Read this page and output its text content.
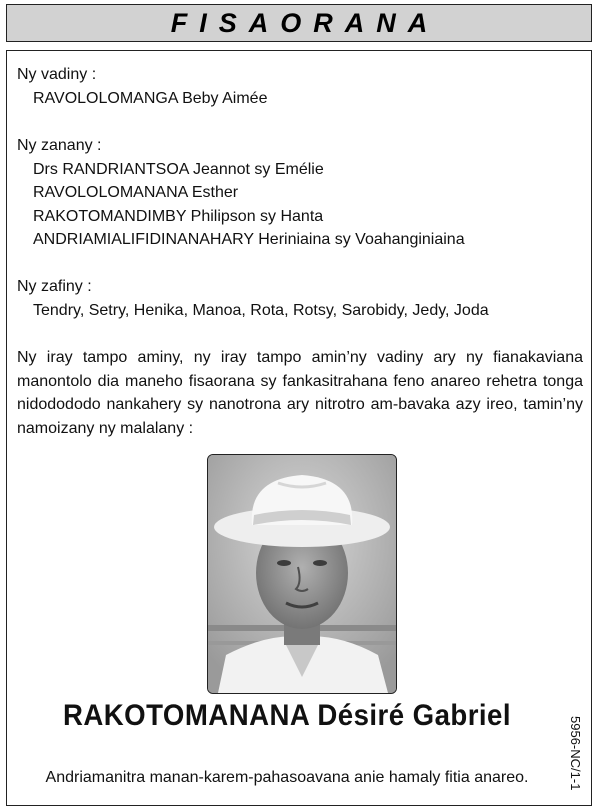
FISAORANA
Ny vadiny :
RAVOLOLOMANGA Beby Aimée
Ny zanany :
Drs RANDRIANTSOA Jeannot sy Emélie
RAVOLOLOMANANA Esther
RAKOTOMANDIMBY Philipson sy Hanta
ANDRIAMIALIFIDINANAHARY Heriniaina sy Voahanginiaina
Ny zafiny :
Tendry, Setry, Henika, Manoa, Rota, Rotsy, Sarobidy, Jedy, Joda
Ny iray tampo aminy, ny iray tampo amin’ny vadiny ary ny fianakaviana manontolo dia maneho fisaorana sy fankasitrahana feno anareo rehetra tonga nidodododo nankahery sy nanotrona ary nitrotro am-bavaka azy ireo, tamin’ny namoizany ny malalany :
RAKOTOMANANA Désiré Gabriel
Andriamanitra manan-karem-pahasoavana anie hamaly fitia anareo.	5956-NC/1-1
